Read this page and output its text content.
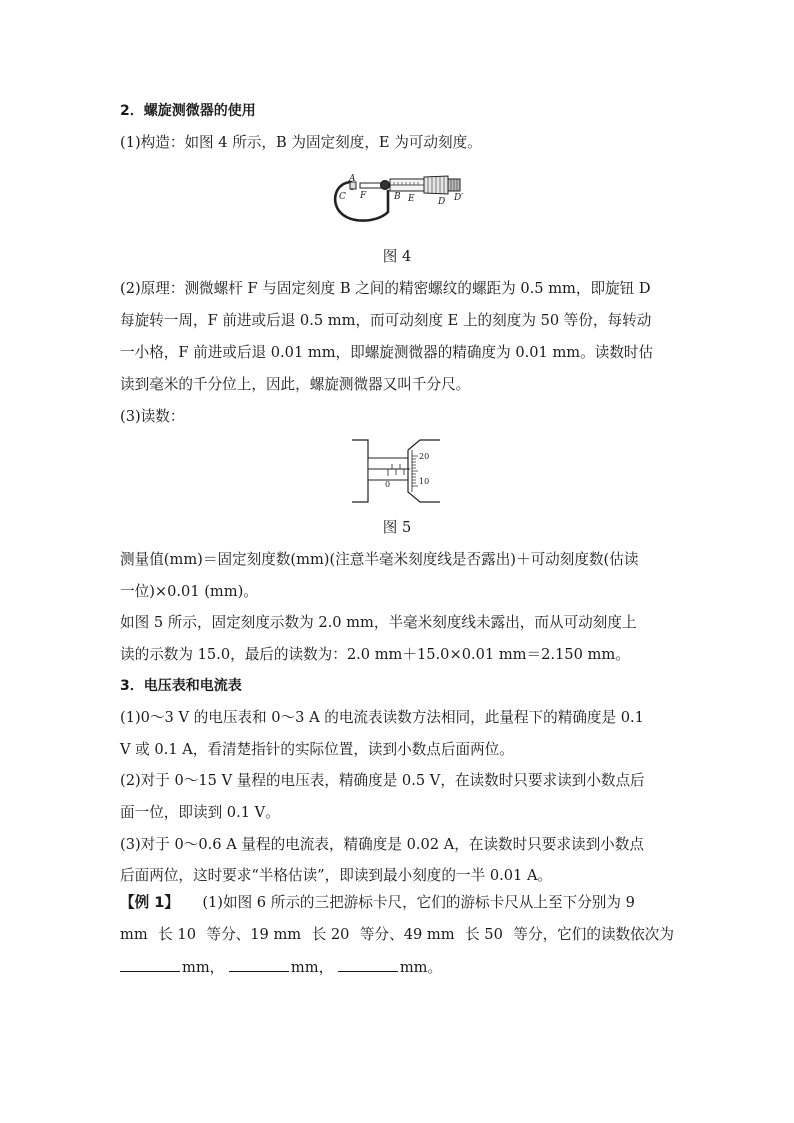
2．螺旋测微器的使用
(1)构造：如图 4 所示，B 为固定刻度，E 为可动刻度。
A
C F	B E	D D′
图 4
(2)原理：测微螺杆 F 与固定刻度 B 之间的精密螺纹的螺距为 0.5 mm，即旋钮 D
每旋转一周，F 前进或后退 0.5 mm，而可动刻度 E 上的刻度为 50 等份，每转动
一小格，F 前进或后退 0.01 mm，即螺旋测微器的精确度为 0.01 mm。读数时估
读到毫米的千分位上，因此，螺旋测微器又叫千分尺。
(3)读数：
20
10
0
图 5
测量值(mm)＝固定刻度数(mm)(注意半毫米刻度线是否露出)＋可动刻度数(估读
一位)×0.01 (mm)。
如图 5 所示，固定刻度示数为 2.0 mm，半毫米刻度线未露出，而从可动刻度上
读的示数为 15.0，最后的读数为：2.0 mm＋15.0×0.01 mm＝2.150 mm。
3．电压表和电流表
(1)0～3 V 的电压表和 0～3 A 的电流表读数方法相同，此量程下的精确度是 0.1
V 或 0.1 A，看清楚指针的实际位置，读到小数点后面两位。
(2)对于 0～15 V 量程的电压表，精确度是 0.5 V，在读数时只要求读到小数点后
面一位，即读到 0.1 V。
(3)对于 0～0.6 A 量程的电流表，精确度是 0.02 A，在读数时只要求读到小数点
后面两位，这时要求“半格估读”，即读到最小刻度的一半 0.01 A。
【例 1】 (1)如图 6 所示的三把游标卡尺，它们的游标卡尺从上至下分别为 9
mm 长 10 等分、19 mm 长 20 等分、49 mm 长 50 等分，它们的读数依次为
mm，	mm，	mm。
